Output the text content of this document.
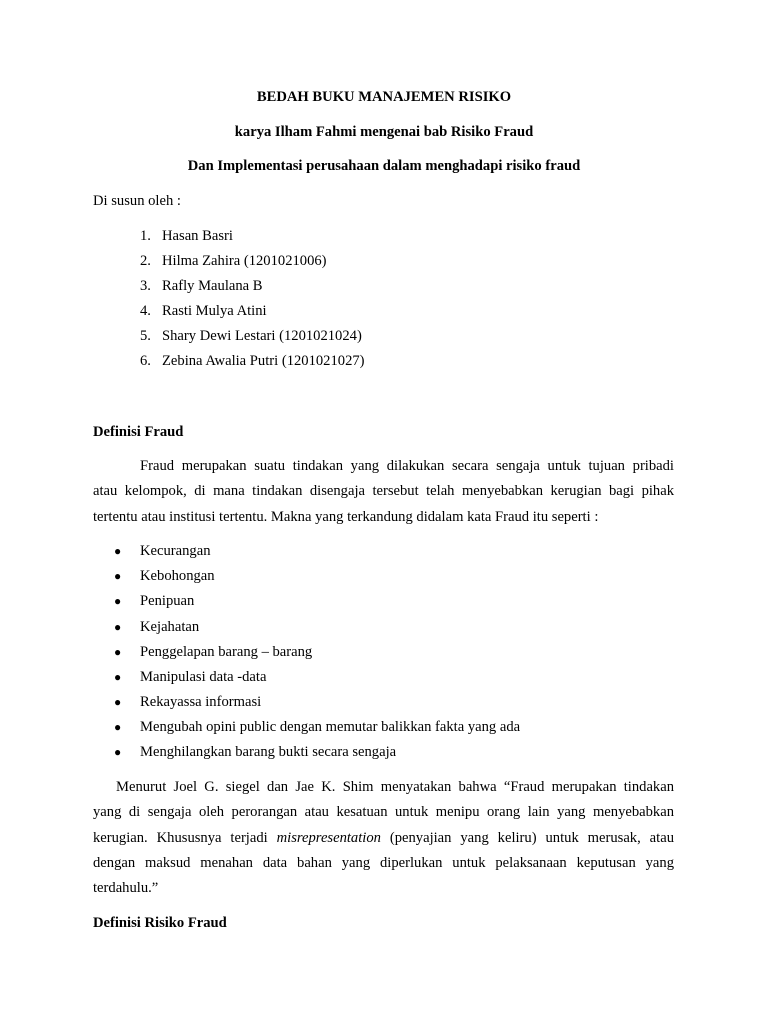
BEDAH BUKU MANAJEMEN RISIKO
karya Ilham Fahmi mengenai bab Risiko Fraud
Dan Implementasi perusahaan dalam menghadapi risiko fraud
Di susun oleh :
1. Hasan Basri
2. Hilma Zahira (1201021006)
3. Rafly Maulana B
4. Rasti Mulya Atini
5. Shary Dewi Lestari (1201021024)
6. Zebina Awalia Putri (1201021027)
Definisi Fraud
Fraud merupakan suatu tindakan yang dilakukan secara sengaja untuk tujuan pribadi
atau kelompok, di mana tindakan disengaja tersebut telah menyebabkan kerugian bagi pihak
tertentu atau institusi tertentu. Makna yang terkandung didalam kata Fraud itu seperti :
● Kecurangan
● Kebohongan
● Penipuan
● Kejahatan
● Penggelapan barang – barang
● Manipulasi data -data
● Rekayassa informasi
● Mengubah opini public dengan memutar balikkan fakta yang ada
● Menghilangkan barang bukti secara sengaja
Menurut Joel G. siegel dan Jae K. Shim menyatakan bahwa “Fraud merupakan tindakan
yang di sengaja oleh perorangan atau kesatuan untuk menipu orang lain yang menyebabkan
kerugian. Khususnya terjadi misrepresentation (penyajian yang keliru) untuk merusak, atau
dengan maksud menahan data bahan yang diperlukan untuk pelaksanaan keputusan yang
terdahulu.”
Definisi Risiko Fraud
